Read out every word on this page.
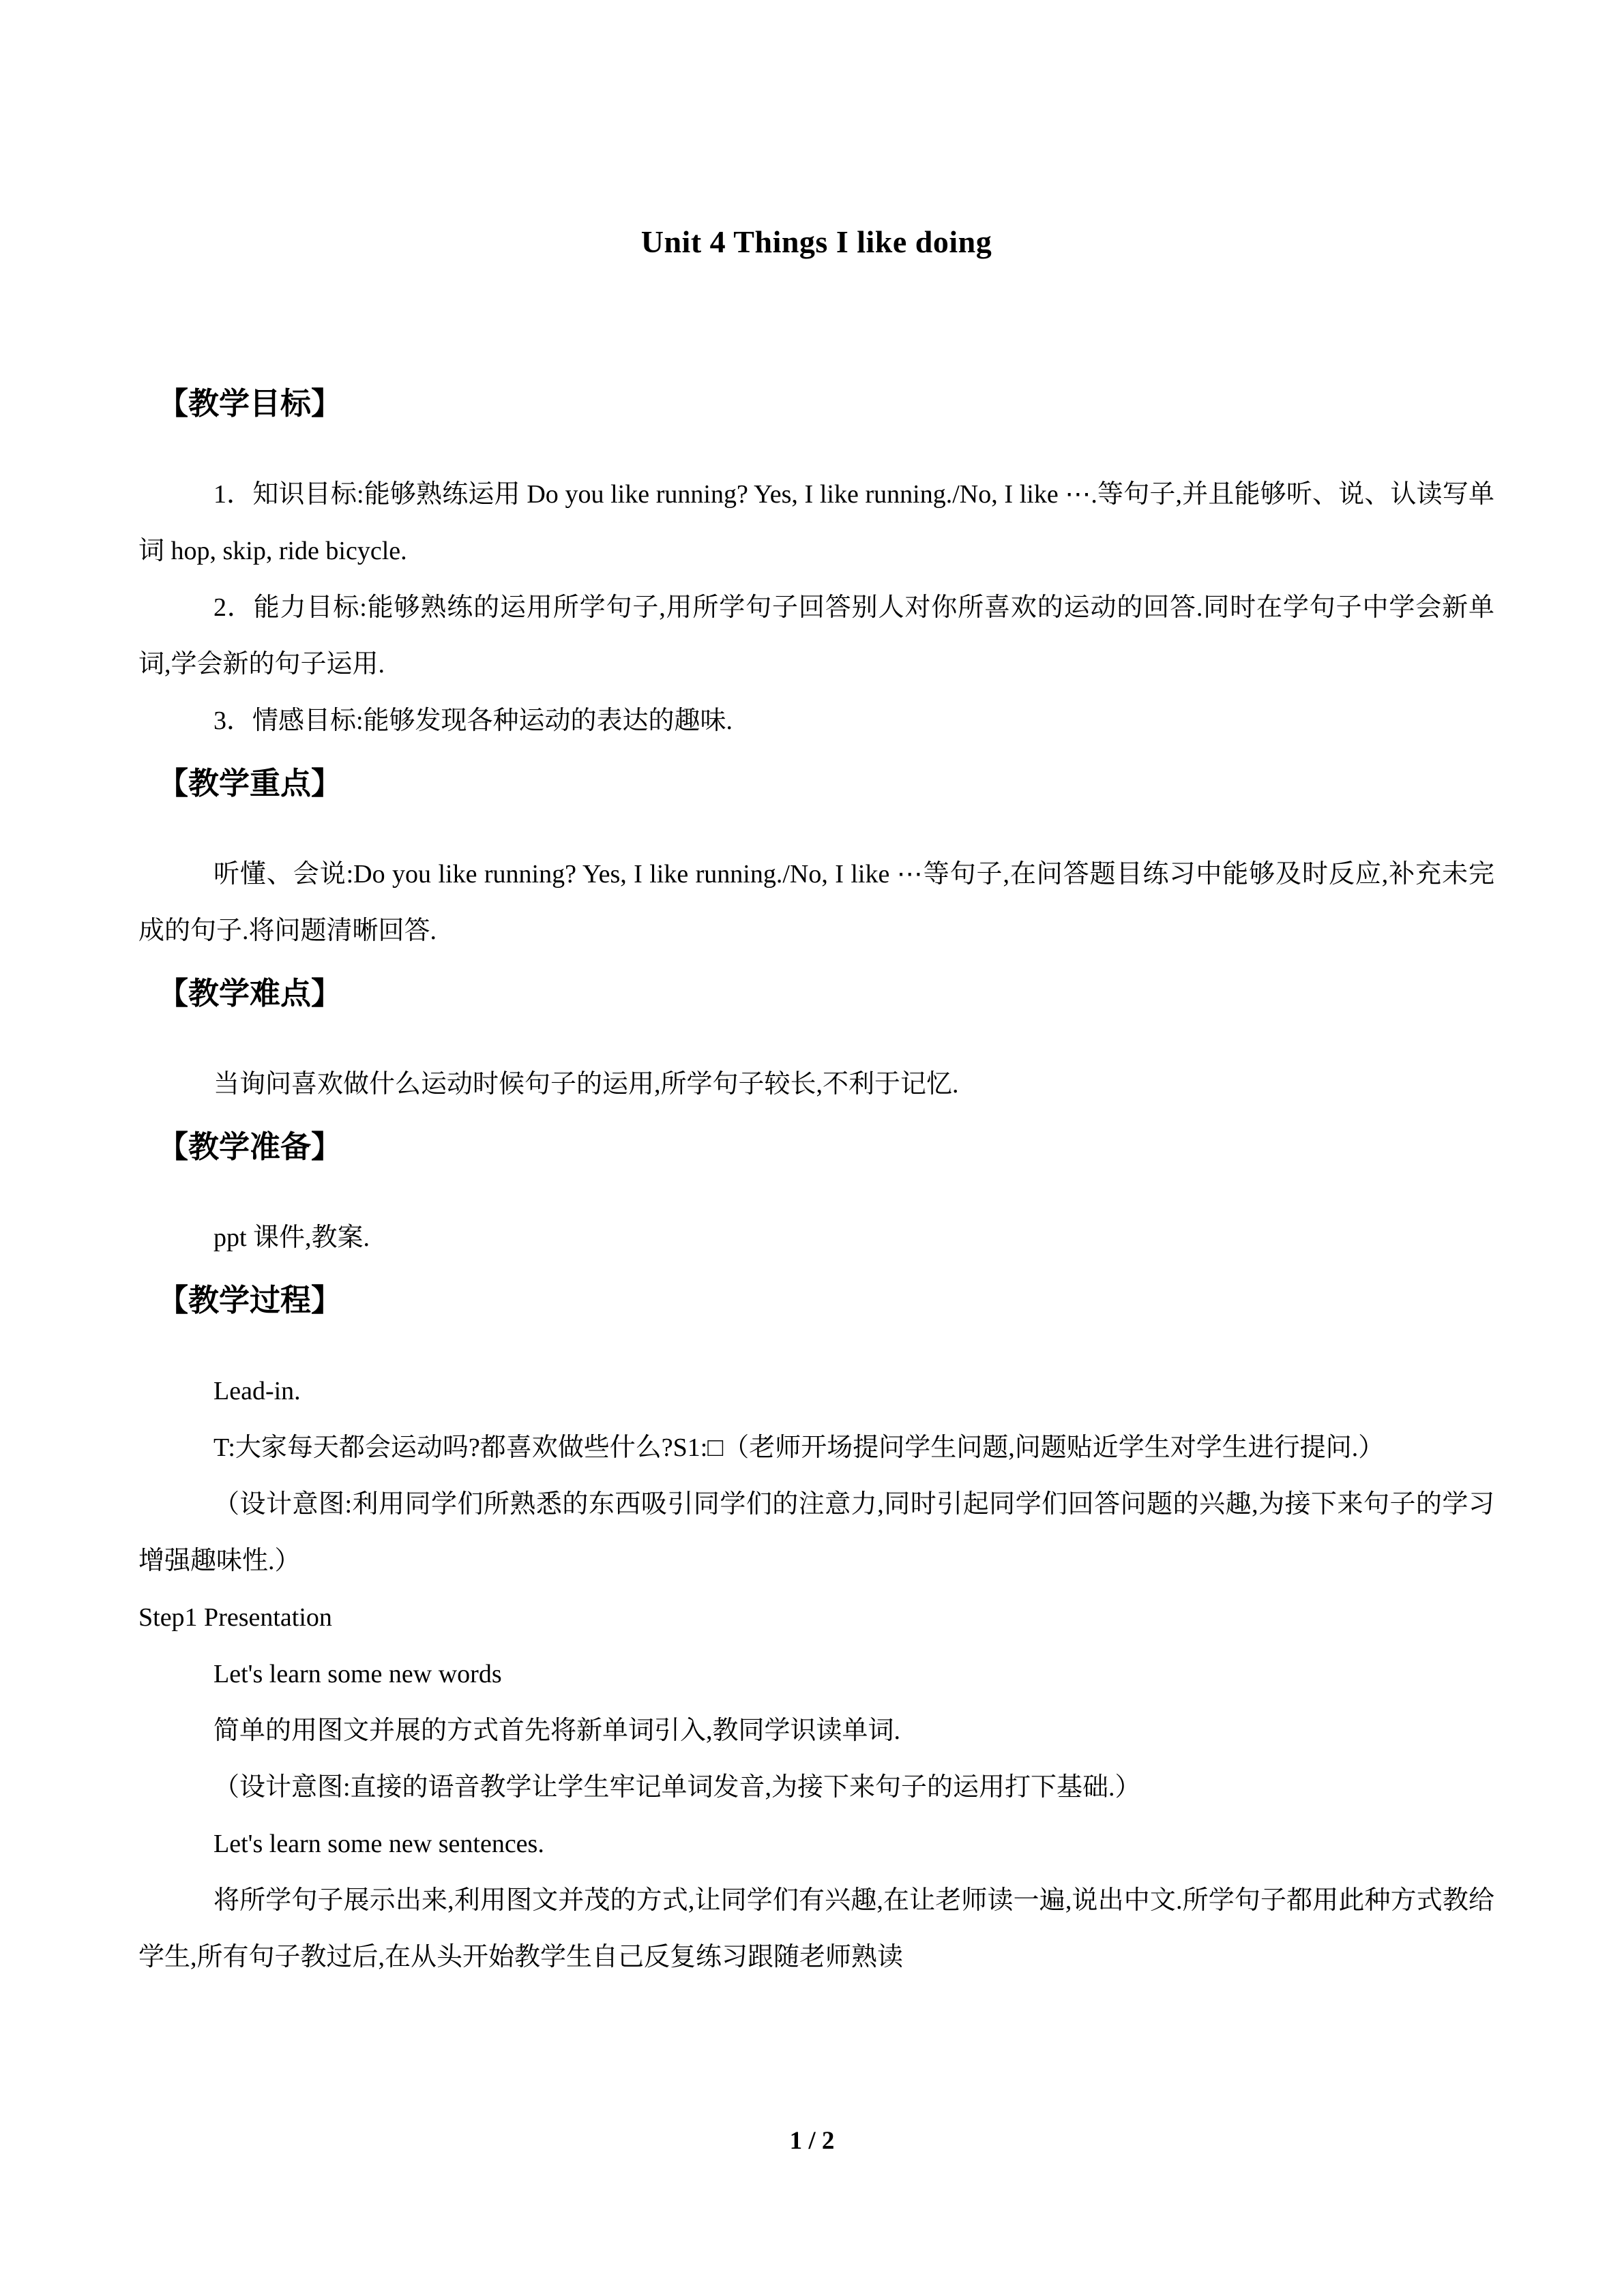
Unit 4 Things I like doing
【教学目标】

1．知识目标:能够熟练运用 Do you like running? Yes, I like running./No, I like ⋯.等句子,并且能够听、说、认读写单词 hop, skip, ride bicycle.

2．能力目标:能够熟练的运用所学句子,用所学句子回答别人对你所喜欢的运动的回答.同时在学句子中学会新单词,学会新的句子运用.

3．情感目标:能够发现各种运动的表达的趣味.

【教学重点】

听懂、会说:Do you like running? Yes, I like running./No, I like ⋯等句子,在问答题目练习中能够及时反应,补充未完成的句子.将问题清晰回答.

【教学难点】

当询问喜欢做什么运动时候句子的运用,所学句子较长,不利于记忆.

【教学准备】

ppt 课件,教案.

【教学过程】

Lead-in.

T:大家每天都会运动吗?都喜欢做些什么?S1:□（老师开场提问学生问题,问题贴近学生对学生进行提问.）

（设计意图:利用同学们所熟悉的东西吸引同学们的注意力,同时引起同学们回答问题的兴趣,为接下来句子的学习增强趣味性.）

Step1 Presentation

Let's learn some new words

简单的用图文并展的方式首先将新单词引入,教同学识读单词.

（设计意图:直接的语音教学让学生牢记单词发音,为接下来句子的运用打下基础.）

Let's learn some new sentences.

将所学句子展示出来,利用图文并茂的方式,让同学们有兴趣,在让老师读一遍,说出中文.所学句子都用此种方式教给学生,所有句子教过后,在从头开始教学生自己反复练习跟随老师熟读

1 / 2
